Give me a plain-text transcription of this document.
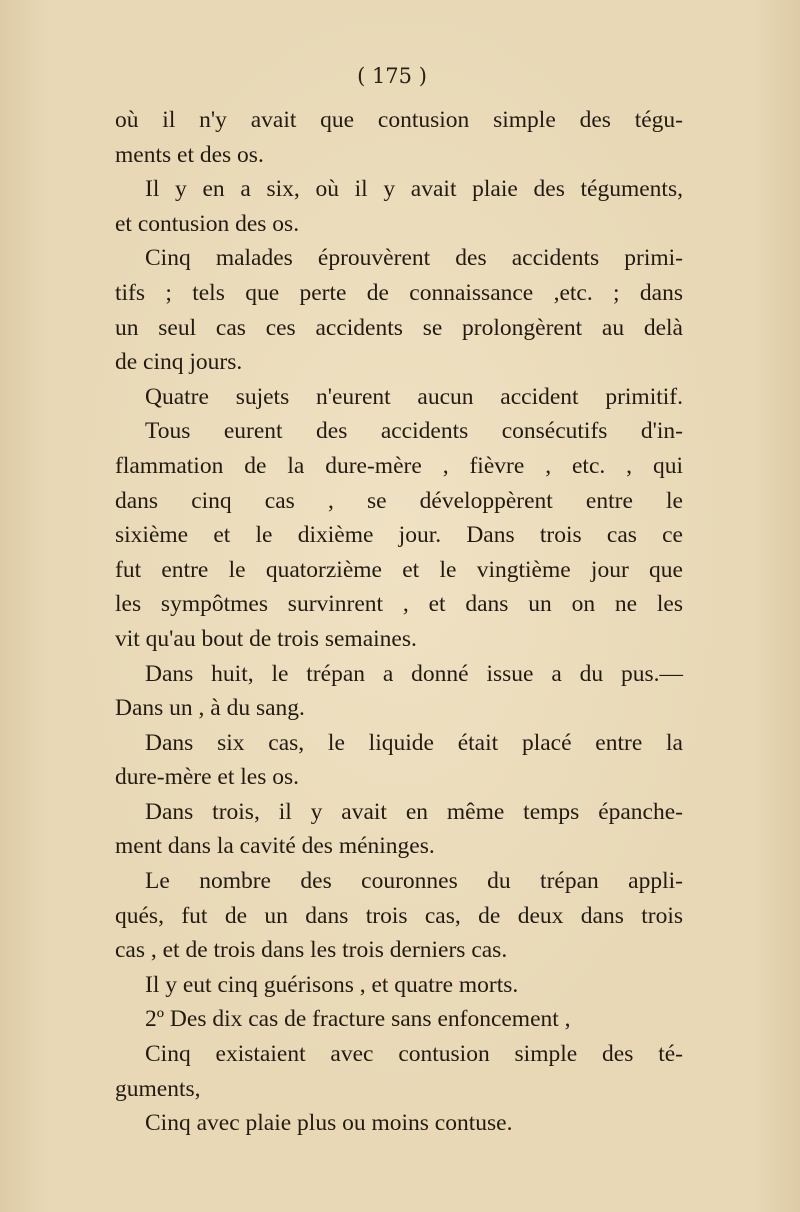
( 175 )
où il n'y avait que contusion simple des tégu-
ments et des os.
Il y en a six, où il y avait plaie des téguments,
et contusion des os.
Cinq malades éprouvèrent des accidents primi-
tifs ; tels que perte de connaissance ,etc. ; dans
un seul cas ces accidents se prolongèrent au delà
de cinq jours.
Quatre sujets n'eurent aucun accident primitif.
Tous eurent des accidents consécutifs d'in-
flammation de la dure-mère , fièvre , etc. , qui
dans cinq cas , se développèrent entre le
sixième et le dixième jour. Dans trois cas ce
fut entre le quatorzième et le vingtième jour que
les sympôtmes survinrent , et dans un on ne les
vit qu'au bout de trois semaines.
Dans huit, le trépan a donné issue a du pus.—
Dans un , à du sang.
Dans six cas, le liquide était placé entre la
dure-mère et les os.
Dans trois, il y avait en même temps épanche-
ment dans la cavité des méninges.
Le nombre des couronnes du trépan appli-
qués, fut de un dans trois cas, de deux dans trois
cas , et de trois dans les trois derniers cas.
Il y eut cinq guérisons , et quatre morts.
2º Des dix cas de fracture sans enfoncement ,
Cinq existaient avec contusion simple des té-
guments,
Cinq avec plaie plus ou moins contuse.
